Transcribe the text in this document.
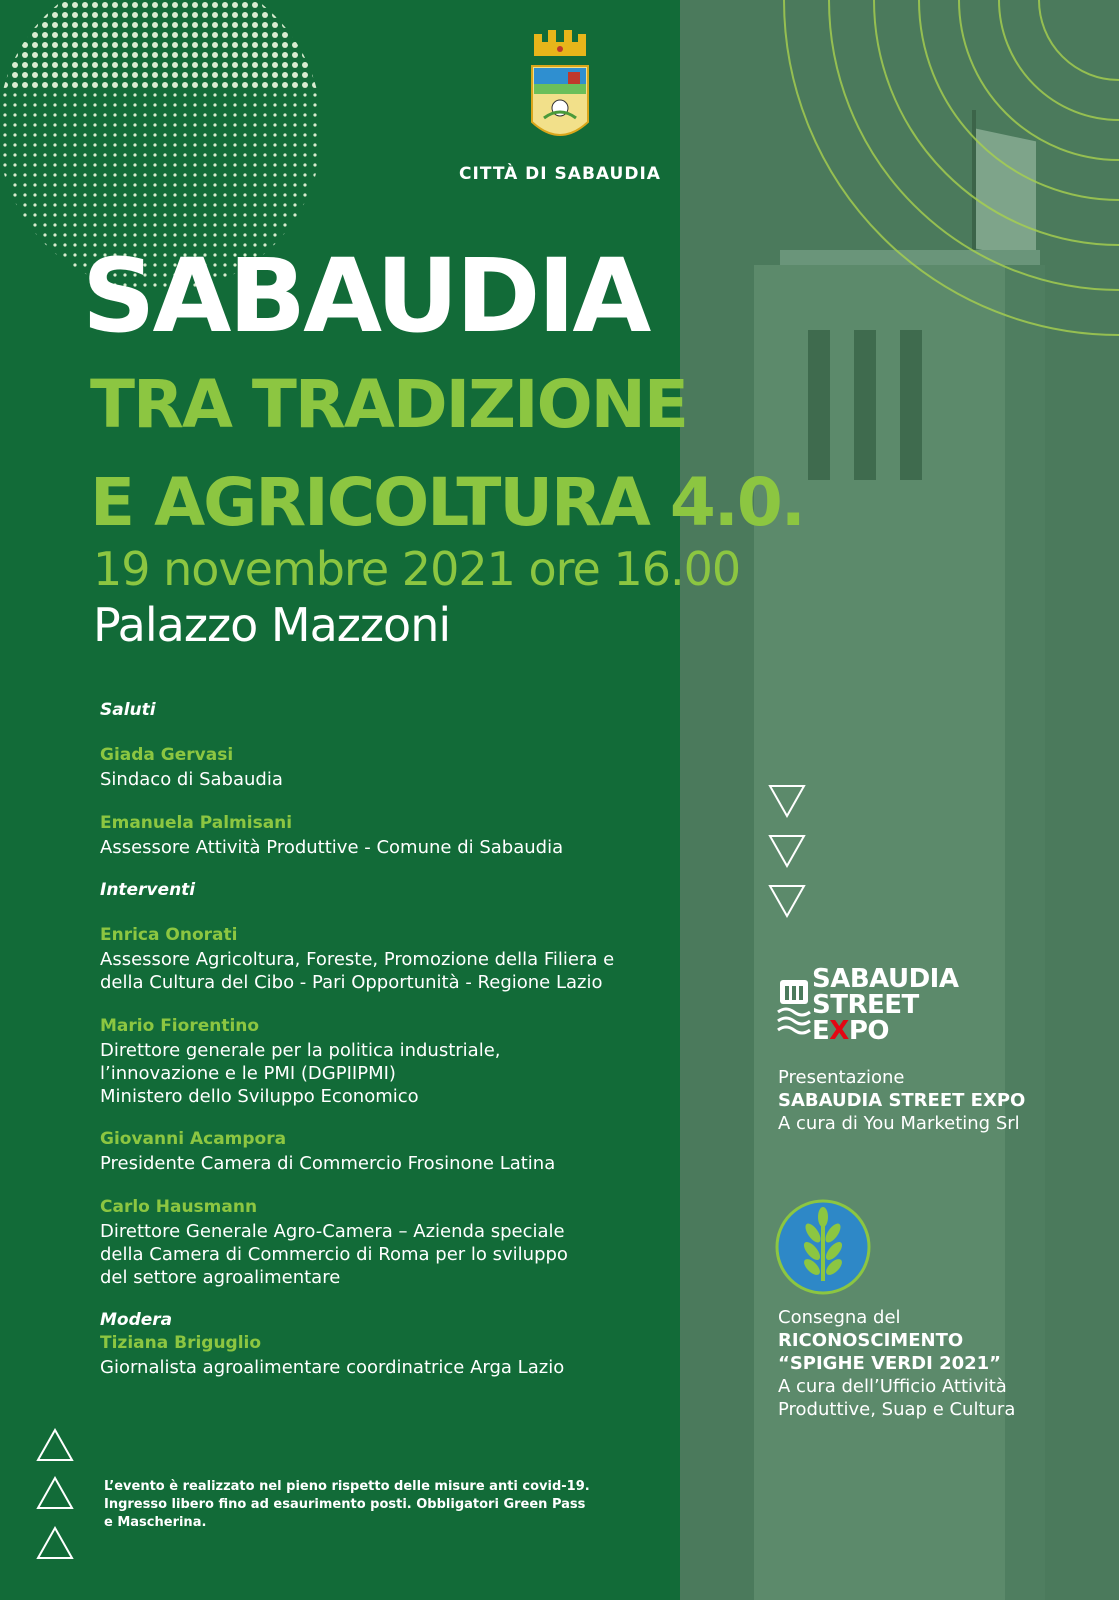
CITTÀ DI SABAUDIA
SABAUDIA
TRA TRADIZIONE
E AGRICOLTURA 4.0.
19 novembre 2021 ore 16.00
Palazzo Mazzoni
Saluti
Giada Gervasi
Sindaco di Sabaudia
Emanuela Palmisani
Assessore Attività Produttive - Comune di Sabaudia
Interventi
Enrica Onorati
Assessore Agricoltura, Foreste, Promozione della Filiera e
della Cultura del Cibo - Pari Opportunità - Regione Lazio
Mario Fiorentino
Direttore generale per la politica industriale,
l’innovazione e le PMI (DGPIIPMI)
Ministero dello Sviluppo Economico
Giovanni Acampora
Presidente Camera di Commercio Frosinone Latina
Carlo Hausmann
Direttore Generale Agro-Camera – Azienda speciale
della Camera di Commercio di Roma per lo sviluppo
del settore agroalimentare
Modera
Tiziana Briguglio
Giornalista agroalimentare coordinatrice Arga Lazio
L’evento è realizzato nel pieno rispetto delle misure anti covid-19.
Ingresso libero fino ad esaurimento posti. Obbligatori Green Pass
e Mascherina.
SABAUDIA
STREET
EXPO
Presentazione
SABAUDIA STREET EXPO
A cura di You Marketing Srl
Consegna del
RICONOSCIMENTO
“SPIGHE VERDI 2021”
A cura dell’Ufficio Attività
Produttive, Suap e Cultura
